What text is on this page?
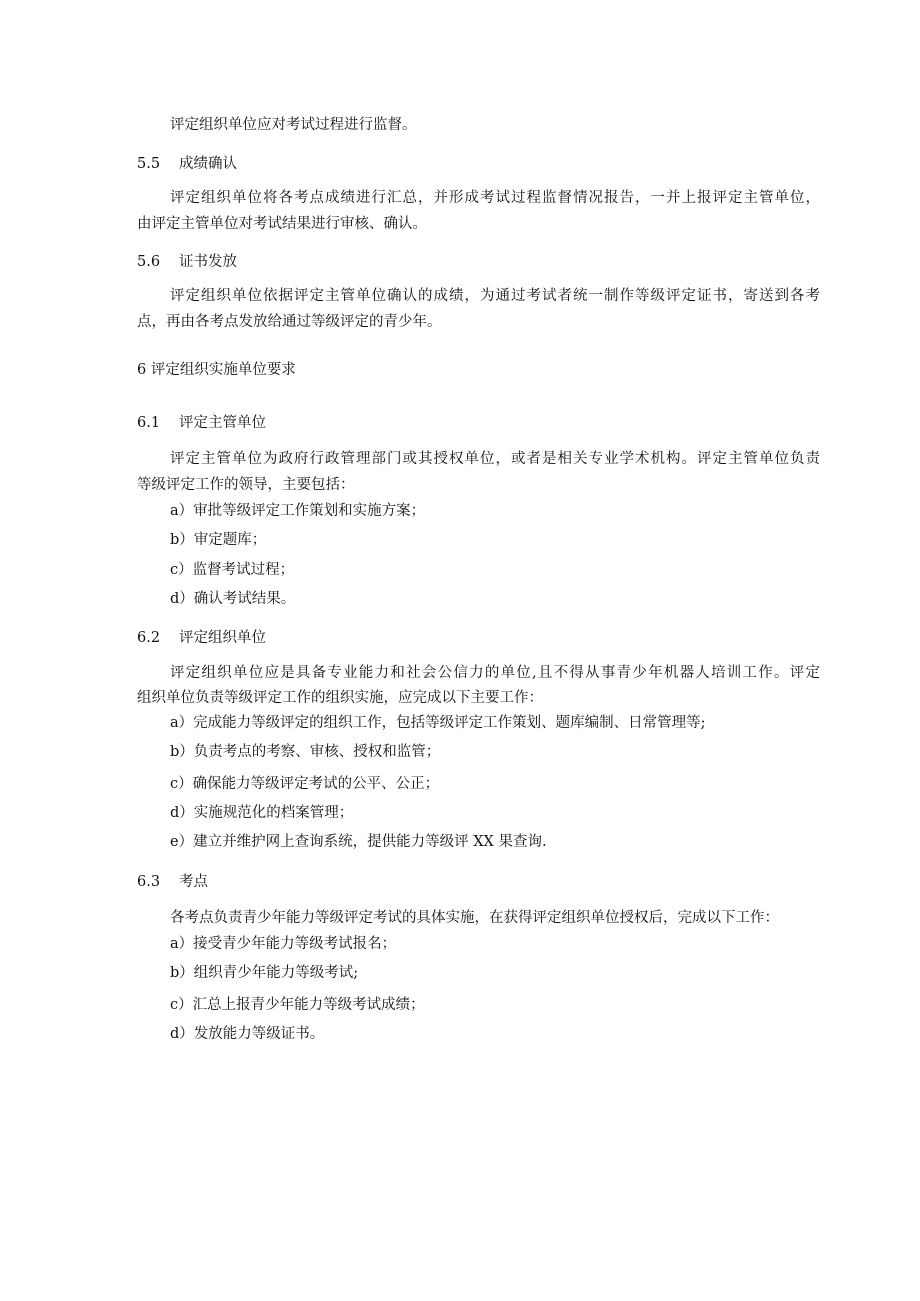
评定组织单位应对考试过程进行监督。
5.5 成绩确认
评定组织单位将各考点成绩进行汇总，并形成考试过程监督情况报告，一并上报评定主管单位，
由评定主管单位对考试结果进行审核、确认。
5.6 证书发放
评定组织单位依据评定主管单位确认的成绩，为通过考试者统一制作等级评定证书，寄送到各考
点，再由各考点发放给通过等级评定的青少年。
6 评定组织实施单位要求
6.1 评定主管单位
评定主管单位为政府行政管理部门或其授权单位，或者是相关专业学术机构。评定主管单位负责
等级评定工作的领导，主要包括：
a）审批等级评定工作策划和实施方案；
b）审定题库；
c）监督考试过程；
d）确认考试结果。
6.2 评定组织单位
评定组织单位应是具备专业能力和社会公信力的单位,且不得从事青少年机器人培训工作。评定
组织单位负责等级评定工作的组织实施，应完成以下主要工作：
a）完成能力等级评定的组织工作，包括等级评定工作策划、题库编制、日常管理等;
b）负责考点的考察、审核、授权和监管；
c）确保能力等级评定考试的公平、公正；
d）实施规范化的档案管理；
e）建立并维护网上查询系统，提供能力等级评 XX 果查询.
6.3 考点
各考点负责青少年能力等级评定考试的具体实施，在获得评定组织单位授权后，完成以下工作：
a）接受青少年能力等级考试报名；
b）组织青少年能力等级考试;
c）汇总上报青少年能力等级考试成绩；
d）发放能力等级证书。
